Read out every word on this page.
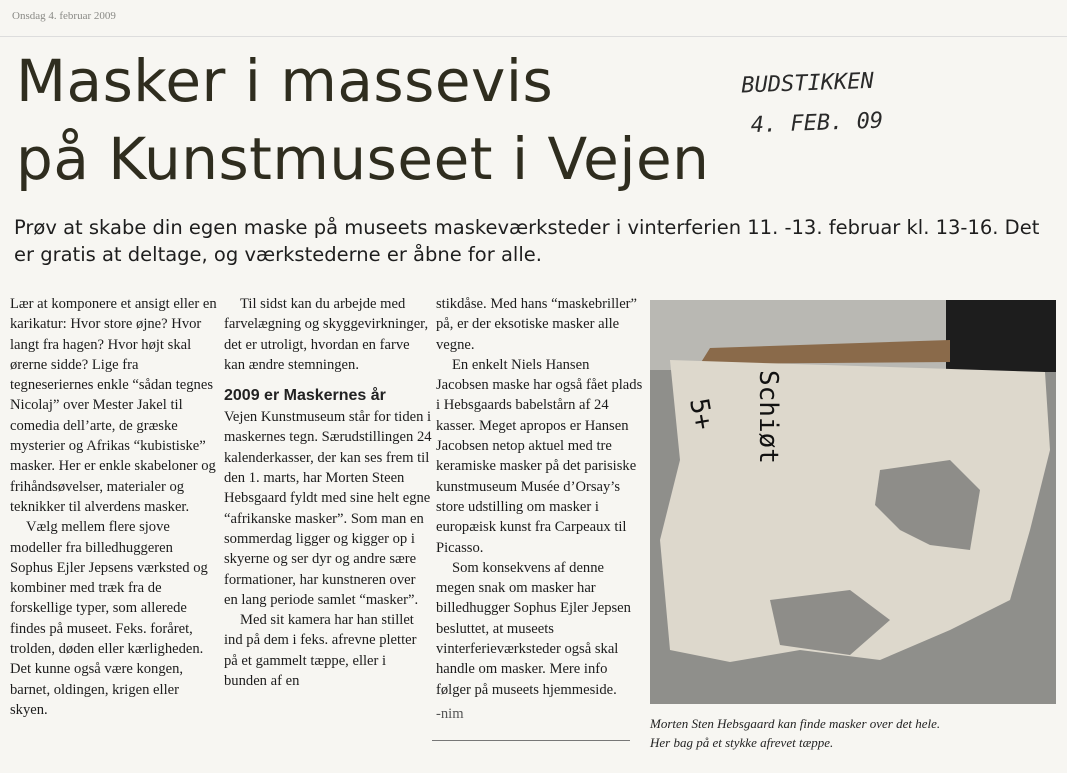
Onsdag 4. februar 2009
Masker i massevis
på Kunstmuseet i Vejen
BUDSTIKKEN
4. FEB. 09

Prøv at skabe din egen maske på museets maskeværksteder i vinterferien 11. -13. februar kl. 13-16. Det er gratis at deltage, og værkstederne er åbne for alle.

Lær at komponere et ansigt eller en karikatur: Hvor store øjne? Hvor langt fra hagen? Hvor højt skal ørerne sidde? Lige fra tegneseriernes enkle “sådan tegnes Nicolaj” over Mester Jakel til comedia dell’arte, de græske mysterier og Afrikas “kubistiske” masker. Her er enkle skabeloner og frihåndsøvelser, materialer og teknikker til alverdens masker.

Vælg mellem flere sjove modeller fra billedhuggeren Sophus Ejler Jepsens værksted og kombiner med træk fra de forskellige typer, som allerede findes på museet. Feks. foråret, trolden, døden eller kærligheden. Det kunne også være kongen, barnet, oldingen, krigen eller skyen.

Til sidst kan du arbejde med farvelægning og skyggevirkninger, det er utroligt, hvordan en farve kan ændre stemningen.

2009 er Maskernes år

Vejen Kunstmuseum står for tiden i maskernes tegn. Særudstillingen 24 kalenderkasser, der kan ses frem til den 1. marts, har Morten Steen Hebsgaard fyldt med sine helt egne “afrikanske masker”. Som man en sommerdag ligger og kigger op i skyerne og ser dyr og andre sære formationer, har kunstneren over en lang periode samlet “masker”.

Med sit kamera har han stillet ind på dem i feks. afrevne pletter på et gammelt tæppe, eller i bunden af en

stikdåse. Med hans “maskebriller” på, er der eksotiske masker alle vegne.

En enkelt Niels Hansen Jacobsen maske har også fået plads i Hebsgaards babelstårn af 24 kasser. Meget apropos er Hansen Jacobsen netop aktuel med tre keramiske masker på det parisiske kunstmuseum Musée d’Orsay’s store udstilling om masker i europæisk kunst fra Carpeaux til Picasso.

Som konsekvens af denne megen snak om masker har billedhugger Sophus Ejler Jepsen besluttet, at museets vinterferieværksteder også skal handle om masker. Mere info følger på museets hjemmeside.

-nim

5+ Schiøt
Morten Sten Hebsgaard kan finde masker over det hele.
Her bag på et stykke afrevet tæppe.
